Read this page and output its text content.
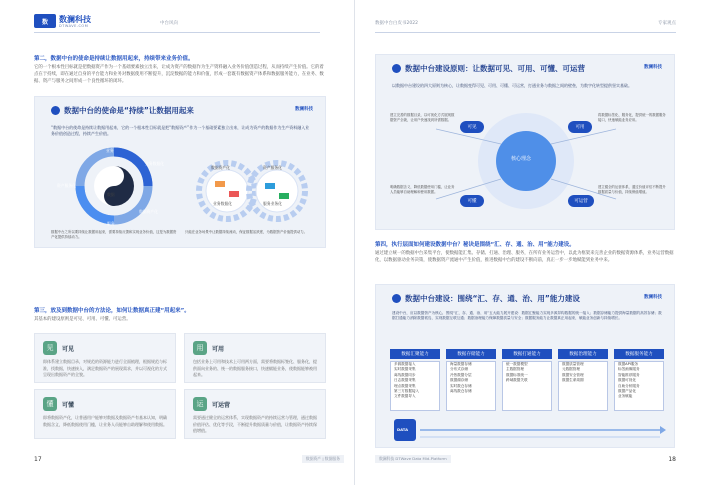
数	数澜科技
DTWAVE.COM	中台风向
第二，数据中台的使命是持续让数据用起来，持续带来业务价值。
它的一个根本性目标就是把数据资产作为一个基础要素独立出来，让成为资产的数据作为生产资料融入业务价值创造过程，从而持续产生价值。它的着点在于持续，即在通过自身的平台能力和业务对数据使用不断提升，沉淀数据的能力和价值，形成一套既有数据资产体系和数据服务能力，在业务、数据、资产与服务之间形成一个良性循环的闭环。
数据中台的使命是“持续”让数据用起来	数澜科技
“数据中台的使命是持续让数据用起来，它的一个根本性目标就是把“数据资产”作为一个基础要素独立出来，让成为资产的数据作为生产资料融入业务价值创造过程，持续产生价值。
业务
数据
业务
业务数据化
数据资产化
服务
资产服务化
数据资产化	资产服务化
业务数据化	服务业务化
数据中台之所以要持续让数据用起来，需要持续反馈和实现业务价值，这是为数据资产化提供持续动力。
只能在业务场景中让数据持续流动，保证数据活跃度，为数据资产价值提供动力。
第三，放及到数据中台的方法论，如何让数据真正建“用起来”。
其基本的建设原则是可见、可用、可懂、可运营。
见	可见
即体系建立数据目录，对规范的资源能力进行全面梳理，根据规范与标准，找数据，快速接入，满足数据资产的展现需求，并以可视化的方式呈现出数据资产的全貌。
用	可用
包括业务上可用和技术上可用两方面，需要将数据标签化、服务化，提供面向业务的、统一的数据服务接口，快速赋能业务，使数据能够被用起来。
懂	可懂
即将数据资产化，让普通用户能够对数据及数据资产有基本认知，明确数据含义，降低数据使用门槛，让业务人员能够自助理解和使用数据。
运	可运营
需要通过健全的运营体系，实现数据资产的持续运营与管理，通过数据价值评估、优化等手段，不断提升数据质量与价值，让数据资产持续保值增值。
17	数据资产 | 数据服务
数据中台白皮书2022	专家观点
数据中台建设原则：让数据可见、可用、可懂、可运营	数澜科技
以数据中台建设的四大原则为核心，让数据变得可见、可用、可懂、可运营，打通业务与数据之间的壁垒，为数字化转型提供坚实基础。
核心理念
可见	可用
可懂	可运营
建立完善的数据目录，以可视化方式展现数据资产全貌，让用户快速找到所需数据。
将数据标签化、服务化，提供统一的数据服务接口，快速赋能业务应用。
明确数据含义，降低数据使用门槛，让业务人员能够自助理解和使用数据。
建立健全的运营体系，通过价值评估不断提升数据质量与价值，持续保值增值。
第四，执行层面如何建设数据中台？秘诀是围绕“汇、存、通、治、用”能力建设。
通过建立统一的数据中台采集平台，使数据能汇集、存储、打通、治理、服务，在所有业务运营中，以此为框架来完善企业的数据资源体系，业务运营数据化，以数据驱动业务决策，使数据资产流通中产生价值，推进数据中台的建设不断向前，真正一步一步地赋能到业务中来。
数据中台建设：围绕“汇、存、通、治、用”能力建设	数澜科技
建设中台，应以数据资产为核心，围绕“汇、存、通、治、用”五大能力展开建设：数据汇聚能力实现多源异构数据的统一接入；数据存储能力提供海量数据的高效存储；数据打通能力消除数据孤岛，实现数据互联互通；数据治理能力保障数据质量与安全；数据服务能力让数据真正用起来，赋能业务创新与持续增长。
数据汇聚能力
多源数据接入
实时数据采集
离线数据同步
日志数据采集
埋点数据采集
第三方数据接入
文件数据导入
数据存储能力
海量数据存储
分布式存储
冷热数据分层
数据湖存储
实时数仓存储
离线数仓存储
数据打通能力
统一数据模型
主数据管理
数据标准统一
跨域数据关联
数据治理能力
数据质量管理
元数据管理
数据安全管理
数据生命周期
数据服务能力
数据API服务
标签画像服务
智能推荐服务
数据可视化
自助分析服务
数据产品化
业务赋能
DATA
数澜科技 DTWave Data Mid-Platform	18
